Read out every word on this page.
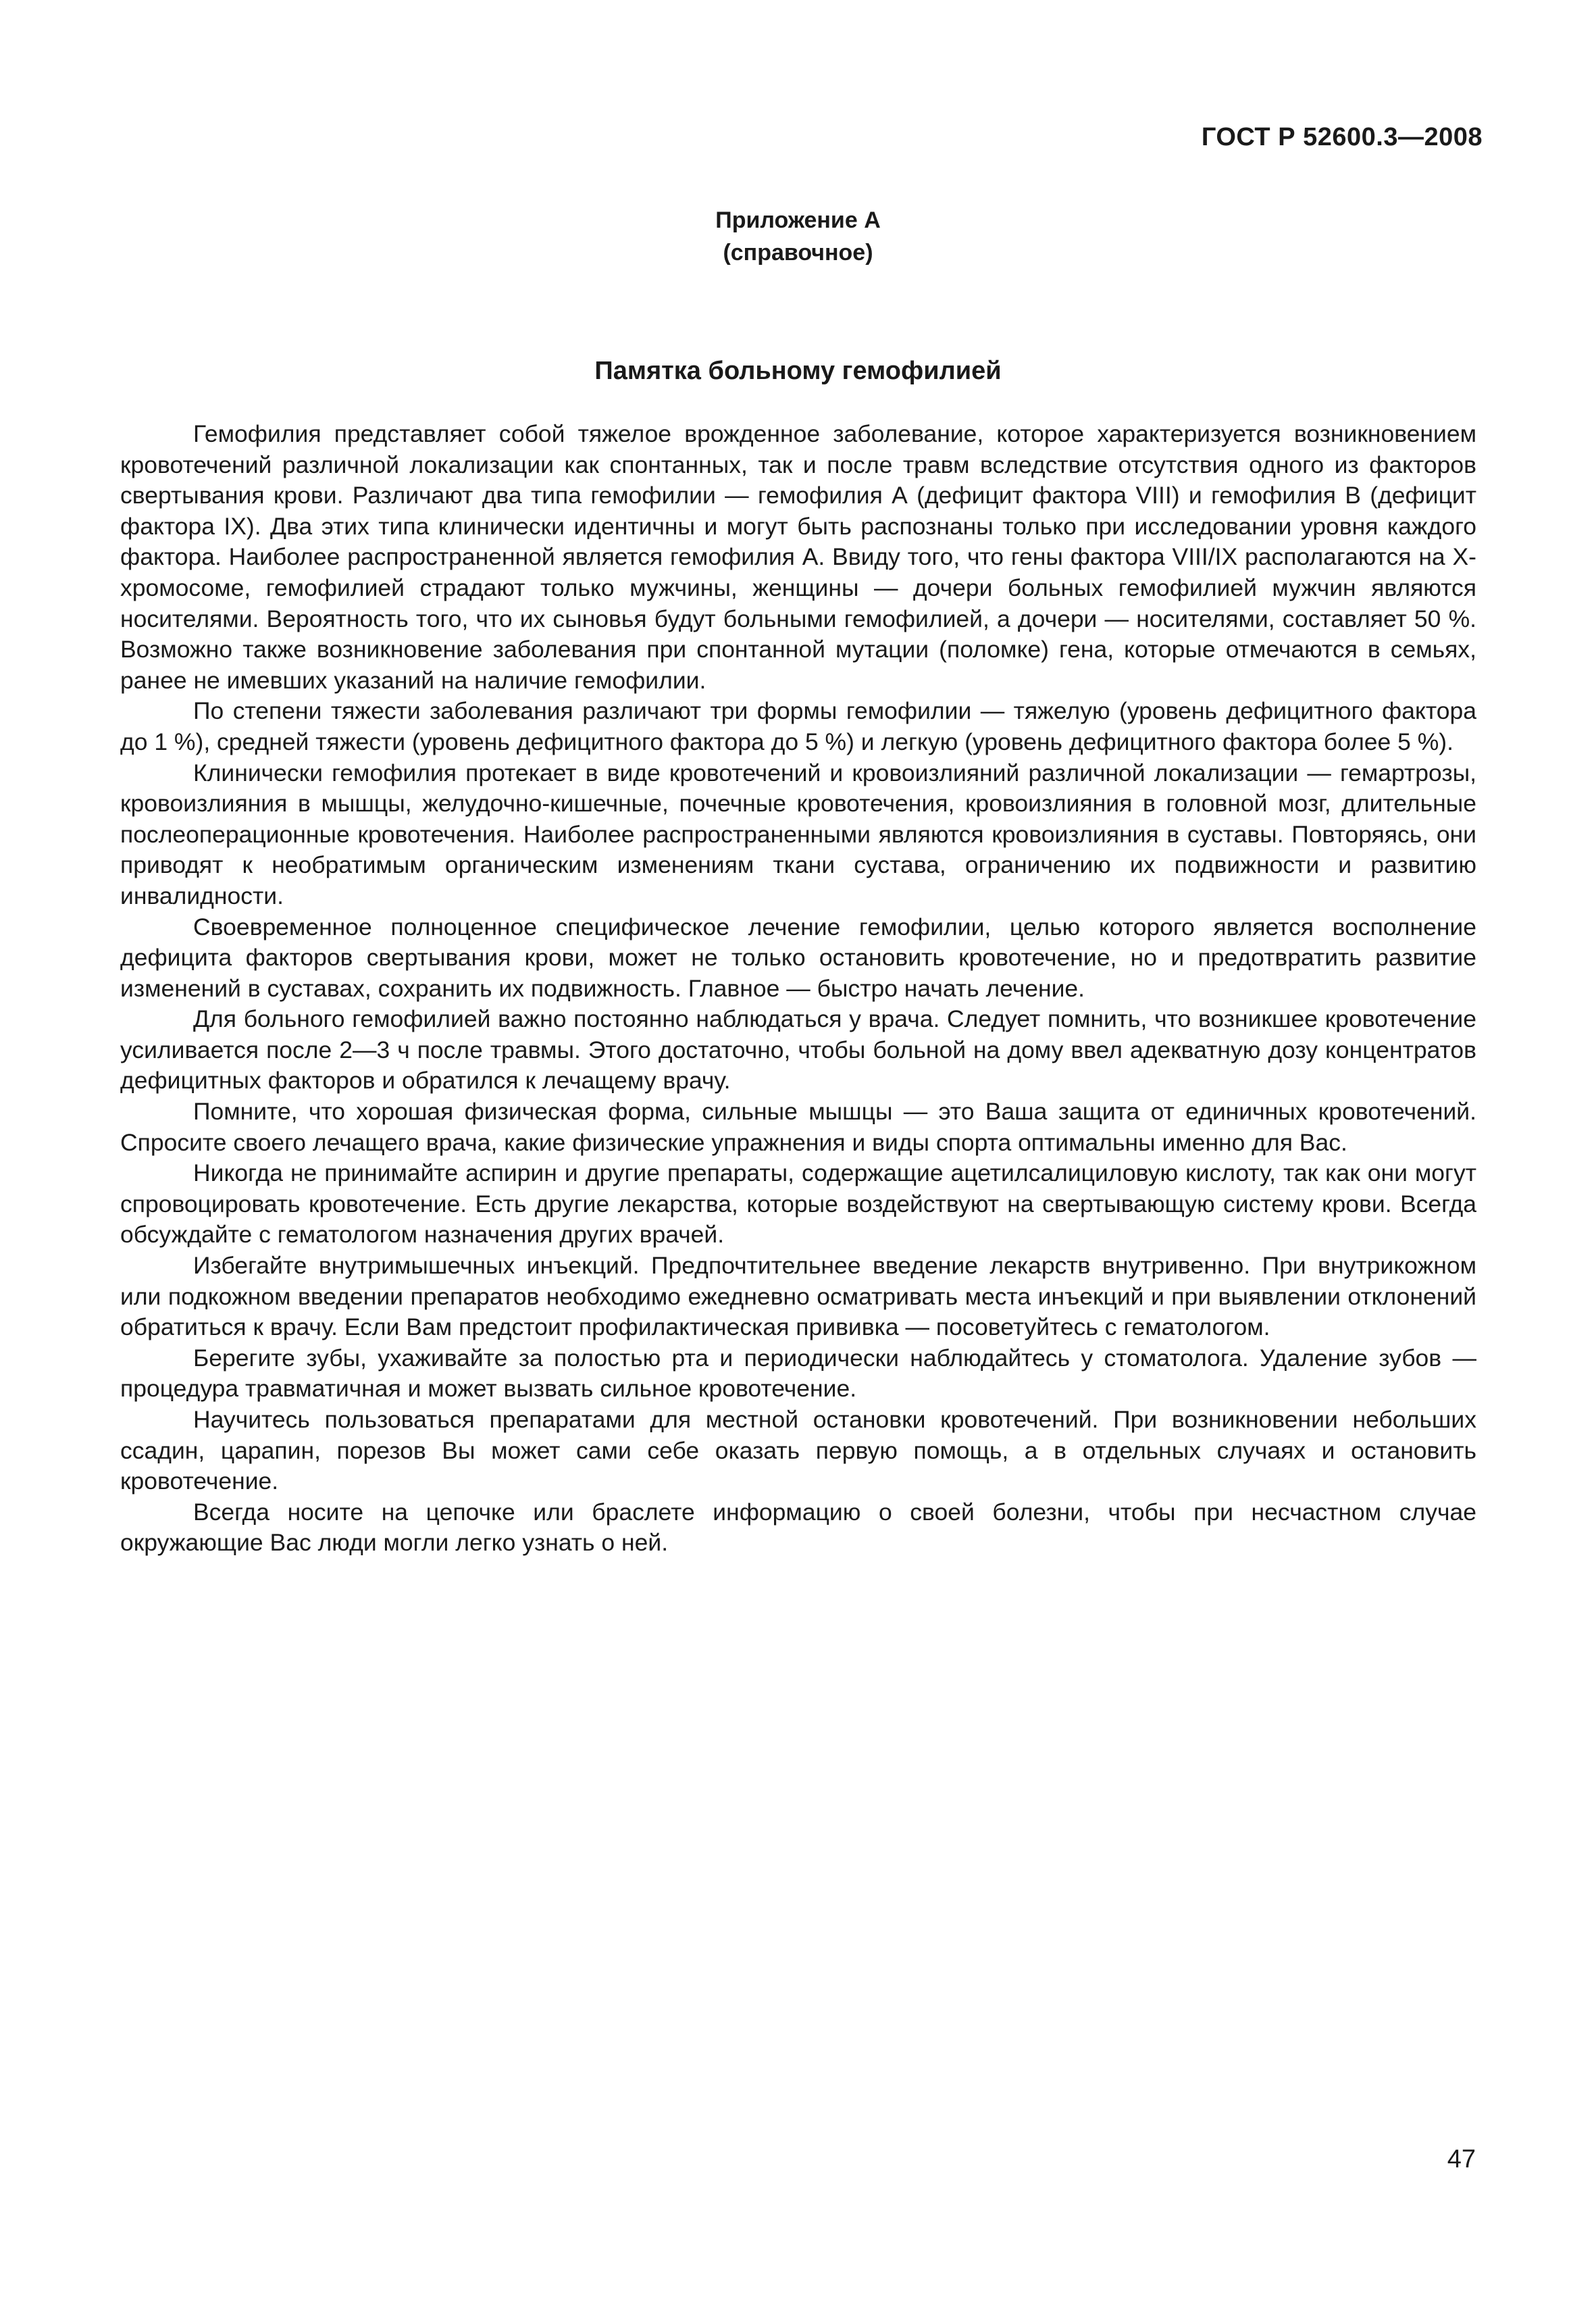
ГОСТ Р 52600.3—2008
Приложение А
(справочное)
Памятка больному гемофилией

Гемофилия представляет собой тяжелое врожденное заболевание, которое характеризуется возникновением кровотечений различной локализации как спонтанных, так и после травм вследствие отсутствия одного из факторов свертывания крови. Различают два типа гемофилии — гемофилия А (дефицит фактора VIII) и гемофилия В (дефицит фактора IX). Два этих типа клинически идентичны и могут быть распознаны только при исследовании уровня каждого фактора. Наиболее распространенной является гемофилия А. Ввиду того, что гены фактора VIII/IX располагаются на Х-хромосоме, гемофилией страдают только мужчины, женщины — дочери больных гемофилией мужчин являются носителями. Вероятность того, что их сыновья будут больными гемофилией, а дочери — носителями, составляет 50 %. Возможно также возникновение заболевания при спонтанной мутации (поломке) гена, которые отмечаются в семьях, ранее не имевших указаний на наличие гемофилии.

По степени тяжести заболевания различают три формы гемофилии — тяжелую (уровень дефицитного фактора до 1 %), средней тяжести (уровень дефицитного фактора до 5 %) и легкую (уровень дефицитного фактора более 5 %).

Клинически гемофилия протекает в виде кровотечений и кровоизлияний различной локализации — гемартрозы, кровоизлияния в мышцы, желудочно-кишечные, почечные кровотечения, кровоизлияния в головной мозг, длительные послеоперационные кровотечения. Наиболее распространенными являются кровоизлияния в суставы. Повторяясь, они приводят к необратимым органическим изменениям ткани сустава, ограничению их подвижности и развитию инвалидности.

Своевременное полноценное специфическое лечение гемофилии, целью которого является восполнение дефицита факторов свертывания крови, может не только остановить кровотечение, но и предотвратить развитие изменений в суставах, сохранить их подвижность. Главное — быстро начать лечение.

Для больного гемофилией важно постоянно наблюдаться у врача. Следует помнить, что возникшее кровотечение усиливается после 2—3 ч после травмы. Этого достаточно, чтобы больной на дому ввел адекватную дозу концентратов дефицитных факторов и обратился к лечащему врачу.

Помните, что хорошая физическая форма, сильные мышцы — это Ваша защита от единичных кровотечений. Спросите своего лечащего врача, какие физические упражнения и виды спорта оптимальны именно для Вас.

Никогда не принимайте аспирин и другие препараты, содержащие ацетилсалициловую кислоту, так как они могут спровоцировать кровотечение. Есть другие лекарства, которые воздействуют на свертывающую систему крови. Всегда обсуждайте с гематологом назначения других врачей.

Избегайте внутримышечных инъекций. Предпочтительнее введение лекарств внутривенно. При внутрикожном или подкожном введении препаратов необходимо ежедневно осматривать места инъекций и при выявлении отклонений обратиться к врачу. Если Вам предстоит профилактическая прививка — посоветуйтесь с гематологом.

Берегите зубы, ухаживайте за полостью рта и периодически наблюдайтесь у стоматолога. Удаление зубов — процедура травматичная и может вызвать сильное кровотечение.

Научитесь пользоваться препаратами для местной остановки кровотечений. При возникновении небольших ссадин, царапин, порезов Вы может сами себе оказать первую помощь, а в отдельных случаях и остановить кровотечение.

Всегда носите на цепочке или браслете информацию о своей болезни, чтобы при несчастном случае окружающие Вас люди могли легко узнать о ней.

47
